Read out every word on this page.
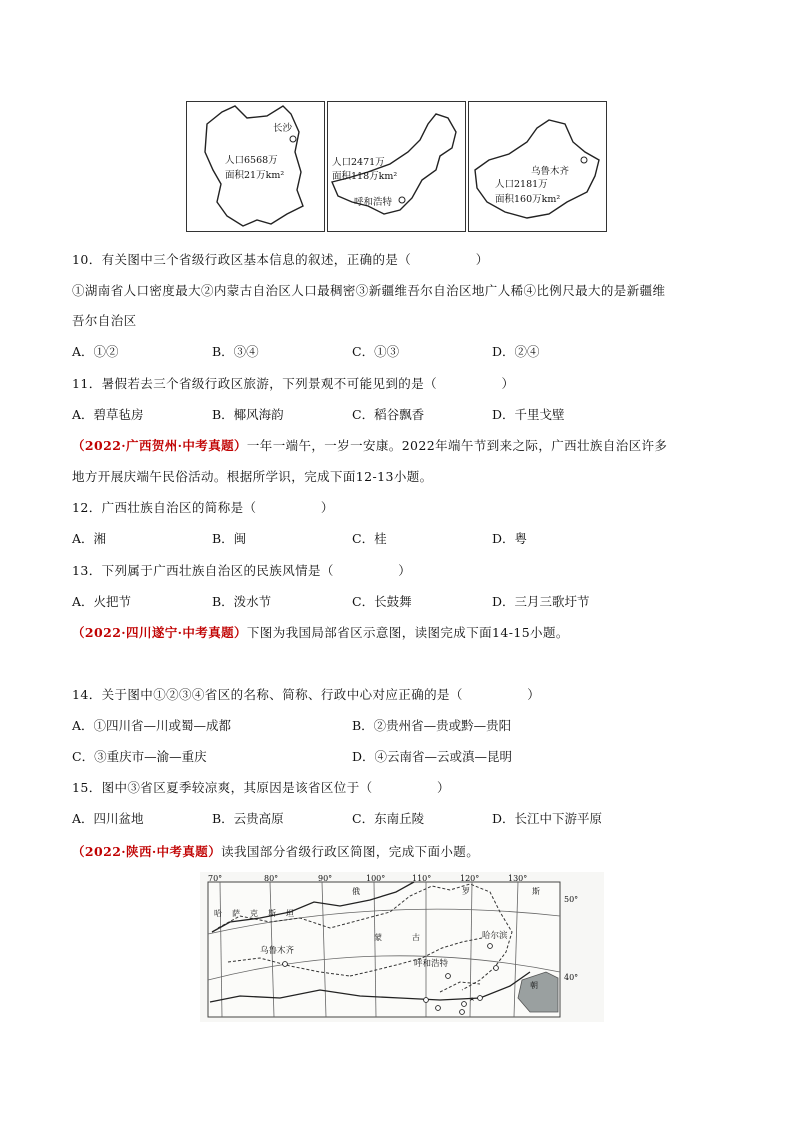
长沙
人口6568万
面积21万km²
人口2471万
面积118万km²
呼和浩特
乌鲁木齐
人口2181万
面积160万km²
10．有关图中三个省级行政区基本信息的叙述，正确的是（　　　　　）
①湖南省人口密度最大②内蒙古自治区人口最稠密③新疆维吾尔自治区地广人稀④比例尺最大的是新疆维
吾尔自治区
A．①②	B．③④	C．①③	D．②④
11．暑假若去三个省级行政区旅游，下列景观不可能见到的是（　　　　　）
A．碧草毡房	B．椰风海韵	C．稻谷飘香	D．千里戈壁
（2022·广西贺州·中考真题）一年一端午，一岁一安康。2022年端午节到来之际，广西壮族自治区许多
地方开展庆端午民俗活动。根据所学识，完成下面12-13小题。
12．广西壮族自治区的简称是（　　　　　）
A．湘	B．闽	C．桂	D．粤
13．下列属于广西壮族自治区的民族风情是（　　　　　）
A．火把节	B．泼水节	C．长鼓舞	D．三月三歌圩节
（2022·四川遂宁·中考真题）下图为我国局部省区示意图，读图完成下面14-15小题。
14．关于图中①②③④省区的名称、简称、行政中心对应正确的是（　　　　　）
A．①四川省—川或蜀—成都	B．②贵州省—贵或黔—贵阳
C．③重庆市—渝—重庆	D．④云南省—云或滇—昆明
15．图中③省区夏季较凉爽，其原因是该省区位于（　　　　　）
A．四川盆地	B．云贵高原	C．东南丘陵	D．长江中下游平原
（2022·陕西·中考真题）读我国部分省级行政区简图，完成下面小题。
70°	80°	90°	100°	110°	120°	130°
50°
40°
哈 萨 克 斯 坦
俄	罗	斯
蒙	古
朝
乌鲁木齐
呼和浩特
哈尔滨
